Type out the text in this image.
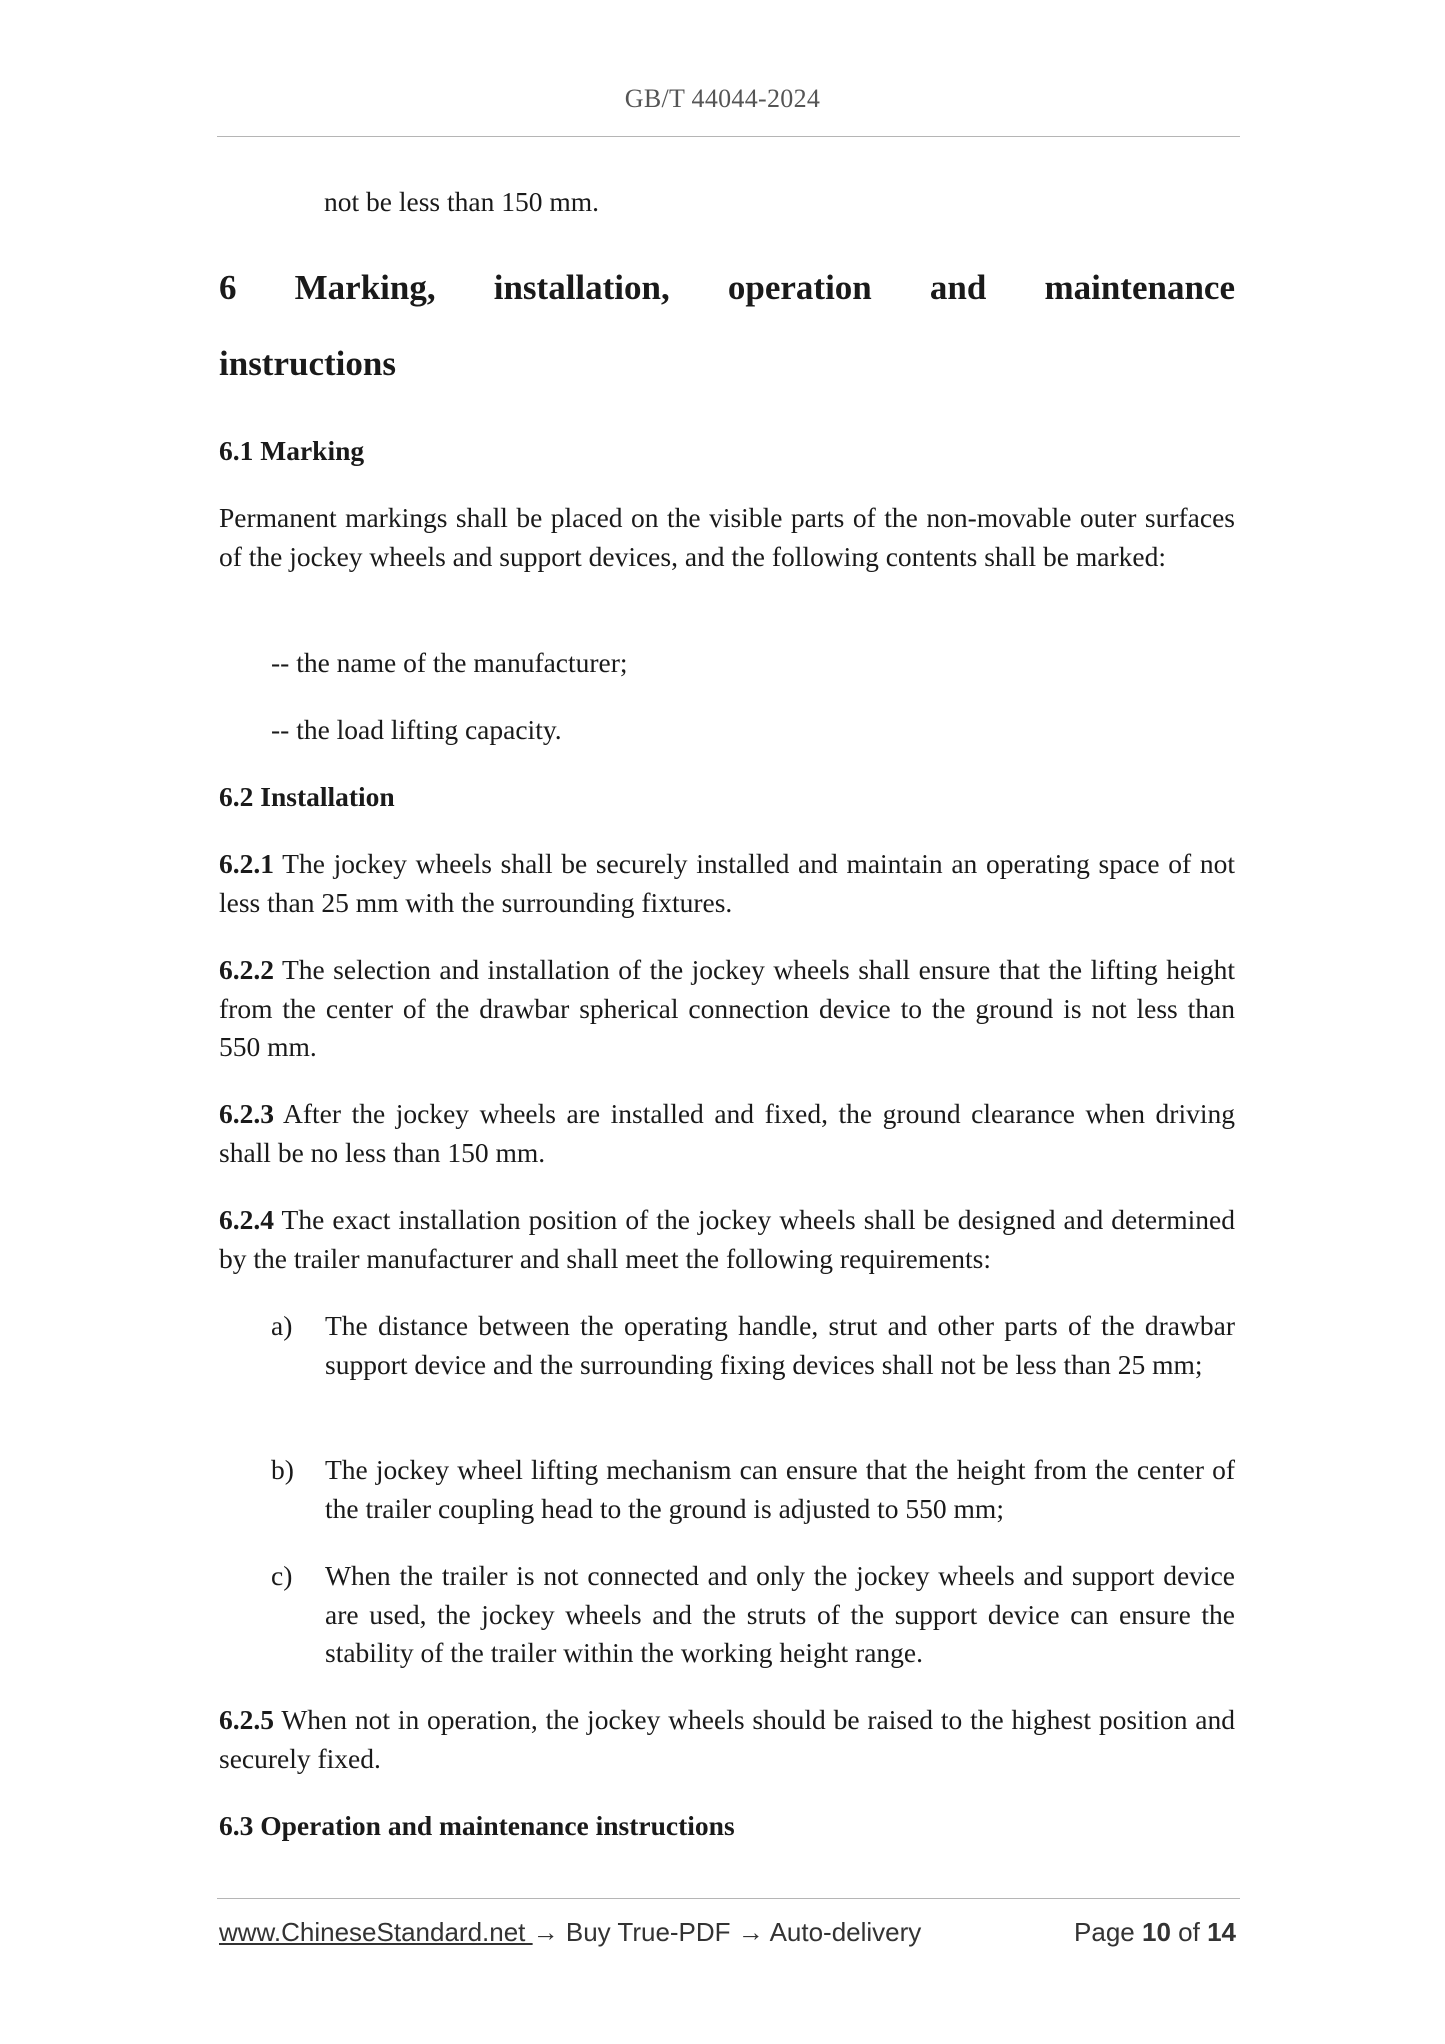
GB/T 44044-2024

not be less than 150 mm.

6 Marking, installation, operation and maintenance
instructions
6.1 Marking

Permanent markings shall be placed on the visible parts of the non-movable outer surfaces of the jockey wheels and support devices, and the following contents shall be marked:

-- the name of the manufacturer;
-- the load lifting capacity.
6.2 Installation

6.2.1 The jockey wheels shall be securely installed and maintain an operating space of not less than 25 mm with the surrounding fixtures.

6.2.2 The selection and installation of the jockey wheels shall ensure that the lifting height from the center of the drawbar spherical connection device to the ground is not less than 550 mm.

6.2.3 After the jockey wheels are installed and fixed, the ground clearance when driving shall be no less than 150 mm.

6.2.4 The exact installation position of the jockey wheels shall be designed and determined by the trailer manufacturer and shall meet the following requirements:

a) The distance between the operating handle, strut and other parts of the drawbar support device and the surrounding fixing devices shall not be less than 25 mm;
b) The jockey wheel lifting mechanism can ensure that the height from the center of the trailer coupling head to the ground is adjusted to 550 mm;
c) When the trailer is not connected and only the jockey wheels and support device are used, the jockey wheels and the struts of the support device can ensure the stability of the trailer within the working height range.

6.2.5 When not in operation, the jockey wheels should be raised to the highest position and securely fixed.

6.3 Operation and maintenance instructions
www.ChineseStandard.net → Buy True-PDF → Auto-delivery	Page 10 of 14
